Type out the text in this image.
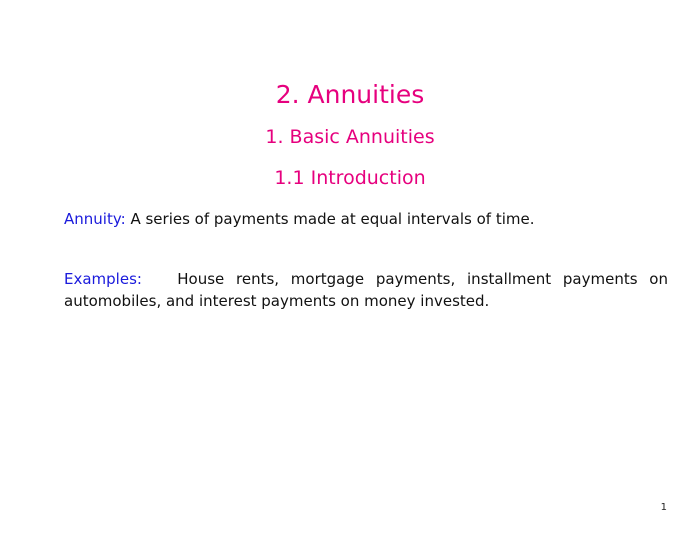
2. Annuities
1. Basic Annuities
1.1 Introduction
Annuity: A series of payments made at equal intervals of time.
Examples: House rents, mortgage payments, installment payments on automobiles, and interest payments on money invested.
1
